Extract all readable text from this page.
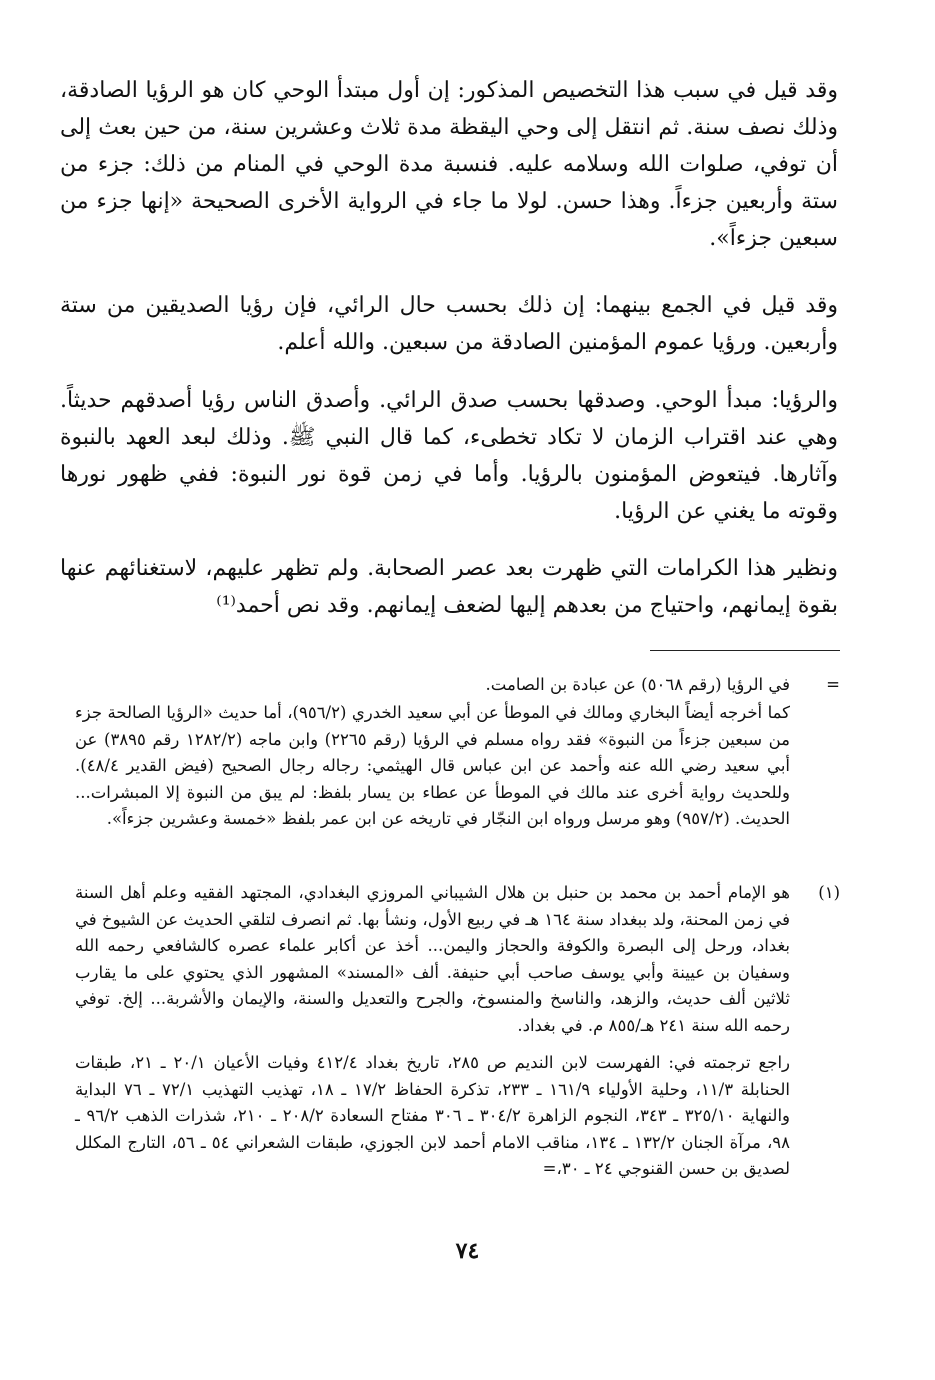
وقد قيل في سبب هذا التخصيص المذكور: إن أول مبتدأ الوحي كان هو الرؤيا الصادقة، وذلك نصف سنة. ثم انتقل إلى وحي اليقظة مدة ثلاث وعشرين سنة، من حين بعث إلى أن توفي، صلوات الله وسلامه عليه. فنسبة مدة الوحي في المنام من ذلك: جزء من ستة وأربعين جزءاً. وهذا حسن. لولا ما جاء في الرواية الأخرى الصحيحة «إنها جزء من سبعين جزءاً».

وقد قيل في الجمع بينهما: إن ذلك بحسب حال الرائي، فإن رؤيا الصديقين من ستة وأربعين. ورؤيا عموم المؤمنين الصادقة من سبعين. والله أعلم.

والرؤيا: مبدأ الوحي. وصدقها بحسب صدق الرائي. وأصدق الناس رؤيا أصدقهم حديثاً. وهي عند اقتراب الزمان لا تكاد تخطىء، كما قال النبي ﷺ. وذلك لبعد العهد بالنبوة وآثارها. فيتعوض المؤمنون بالرؤيا. وأما في زمن قوة نور النبوة: ففي ظهور نورها وقوته ما يغني عن الرؤيا.

ونظير هذا الكرامات التي ظهرت بعد عصر الصحابة. ولم تظهر عليهم، لاستغنائهم عنها بقوة إيمانهم، واحتياج من بعدهم إليها لضعف إيمانهم. وقد نص أحمد⁽¹⁾

=

في الرؤيا (رقم ٥٠٦٨) عن عبادة بن الصامت.

كما أخرجه أيضاً البخاري ومالك في الموطأ عن أبي سعيد الخدري (٩٥٦/٢)، أما حديث «الرؤيا الصالحة جزء من سبعين جزءاً من النبوة» فقد رواه مسلم في الرؤيا (رقم ٢٢٦٥) وابن ماجه (١٢٨٢/٢ رقم ٣٨٩٥) عن أبي سعيد رضي الله عنه وأحمد عن ابن عباس قال الهيثمي: رجاله رجال الصحيح (فيض القدير ٤٨/٤). وللحديث رواية أخرى عند مالك في الموطأ عن عطاء بن يسار بلفظ: لم يبق من النبوة إلا المبشرات... الحديث. (٩٥٧/٢) وهو مرسل ورواه ابن النجّار في تاريخه عن ابن عمر بلفظ «خمسة وعشرين جزءاً».

(١)

هو الإمام أحمد بن محمد بن حنبل بن هلال الشيباني المروزي البغدادي، المجتهد الفقيه وعلم أهل السنة في زمن المحنة، ولد ببغداد سنة ١٦٤ هـ في ربيع الأول، ونشأ بها. ثم انصرف لتلقي الحديث عن الشيوخ في بغداد، ورحل إلى البصرة والكوفة والحجاز واليمن... أخذ عن أكابر علماء عصره كالشافعي رحمه الله وسفيان بن عيينة وأبي يوسف صاحب أبي حنيفة. ألف «المسند» المشهور الذي يحتوي على ما يقارب ثلاثين ألف حديث، والزهد، والناسخ والمنسوخ، والجرح والتعديل والسنة، والإيمان والأشربة... إلخ. توفي رحمه الله سنة ٢٤١ هـ/٨٥٥ م. في بغداد.

راجع ترجمته في: الفهرست لابن النديم ص ٢٨٥، تاريخ بغداد ٤١٢/٤ وفيات الأعيان ٢٠/١ ـ ٢١، طبقات الحنابلة ١١/٣، وحلية الأولياء ١٦١/٩ ـ ٢٣٣، تذكرة الحفاظ ١٧/٢ ـ ١٨، تهذيب التهذيب ٧٢/١ ـ ٧٦ البداية والنهاية ٣٢٥/١٠ ـ ٣٤٣، النجوم الزاهرة ٣٠٤/٢ ـ ٣٠٦ مفتاح السعادة ٢٠٨/٢ ـ ٢١٠، شذرات الذهب ٩٦/٢ ـ ٩٨، مرآة الجنان ١٣٢/٢ ـ ١٣٤، مناقب الامام أحمد لابن الجوزي، طبقات الشعراني ٥٤ ـ ٥٦، التارج المكلل لصديق بن حسن القنوجي ٢٤ ـ ٣٠،=

٧٤
